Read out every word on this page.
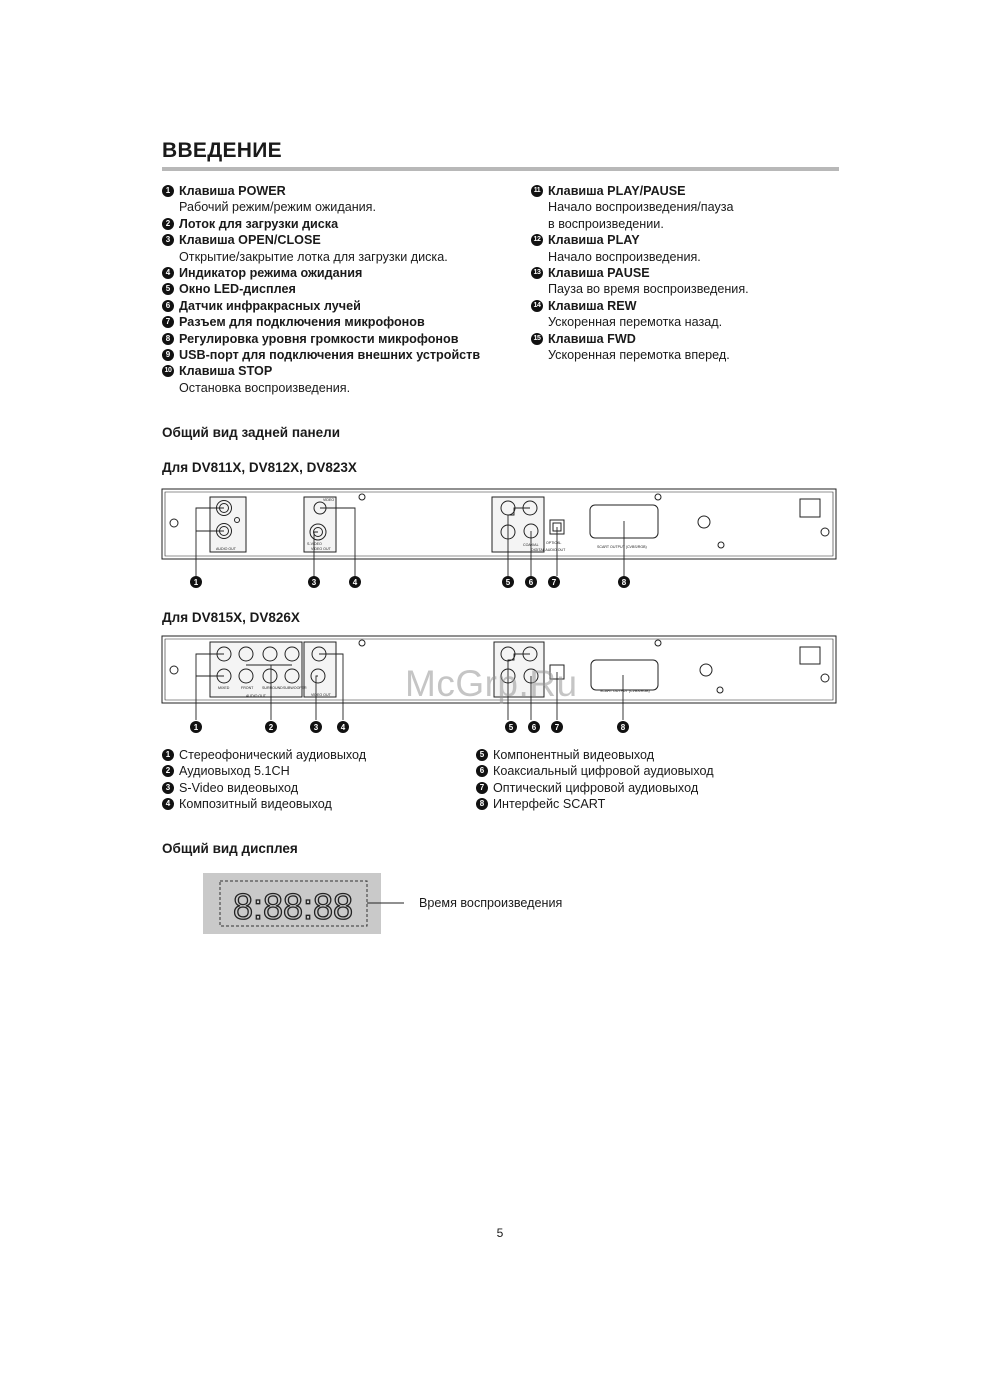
ВВЕДЕНИЕ
1 Клавиша POWER
Рабочий режим/режим ожидания.
2 Лоток для загрузки диска
3 Клавиша OPEN/CLOSE
Открытие/закрытие лотка для загрузки диска.
4 Индикатор режима ожидания
5 Окно LED-дисплея
6 Датчик инфракрасных лучей
7 Разъем для подключения микрофонов
8 Регулировка уровня громкости микрофонов
9 USB-порт для подключения внешних устройств
10 Клавиша STOP
Остановка воспроизведения.
11 Клавиша PLAY/PAUSE
Начало воспроизведения/пауза
в воспроизведении.
12 Клавиша PLAY
Начало воспроизведения.
13 Клавиша PAUSE
Пауза во время воспроизведения.
14 Клавиша REW
Ускоренная перемотка назад.
15 Клавиша FWD
Ускоренная перемотка вперед.
Общий вид задней панели
Для DV811X, DV812X, DV823X
AUDIO OUT	VIDEO OUT
VIDEO
S-VIDEO	COAXIAL OPTICAL
DIGITAL AUDIO OUT
SCART OUTPUT (CVBS/RGB)
1	3	4	5 6 7	8
Для DV815X, DV826X
MIXED	FRONT SURROUND SUBWOOFER
AUDIO OUT	VIDEO OUT
SCART OUTPUT (CVBS/RGB)
1	2	3	4	5 6 7	8
McGrp.Ru
1 Стереофонический аудиовыход
2 Аудиовыход 5.1CH
3 S-Video видеовыход
4 Композитный видеовыход
5 Компонентный видеовыход
6 Коаксиальный цифровой аудиовыход
7 Оптический цифровой аудиовыход
8 Интерфейс SCART
Общий вид дисплея
8:88:88	Время воспроизведения
5
